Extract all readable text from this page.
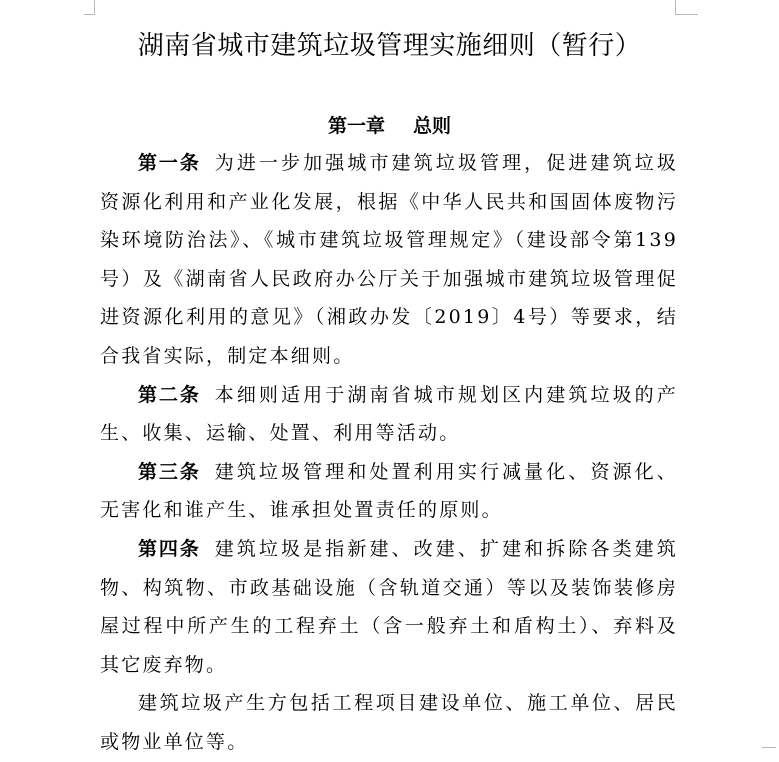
湖南省城市建筑垃圾管理实施细则（暂行）
第一章 总则

第一条 为进一步加强城市建筑垃圾管理，促进建筑垃圾资源化利用和产业化发展，根据《中华人民共和国固体废物污染环境防治法》、《城市建筑垃圾管理规定》（建设部令第139号）及《湖南省人民政府办公厅关于加强城市建筑垃圾管理促进资源化利用的意见》（湘政办发〔2019〕4号）等要求，结合我省实际，制定本细则。

第二条 本细则适用于湖南省城市规划区内建筑垃圾的产生、收集、运输、处置、利用等活动。

第三条 建筑垃圾管理和处置利用实行减量化、资源化、无害化和谁产生、谁承担处置责任的原则。

第四条 建筑垃圾是指新建、改建、扩建和拆除各类建筑物、构筑物、市政基础设施（含轨道交通）等以及装饰装修房屋过程中所产生的工程弃土（含一般弃土和盾构土）、弃料及其它废弃物。

建筑垃圾产生方包括工程项目建设单位、施工单位、居民或物业单位等。
